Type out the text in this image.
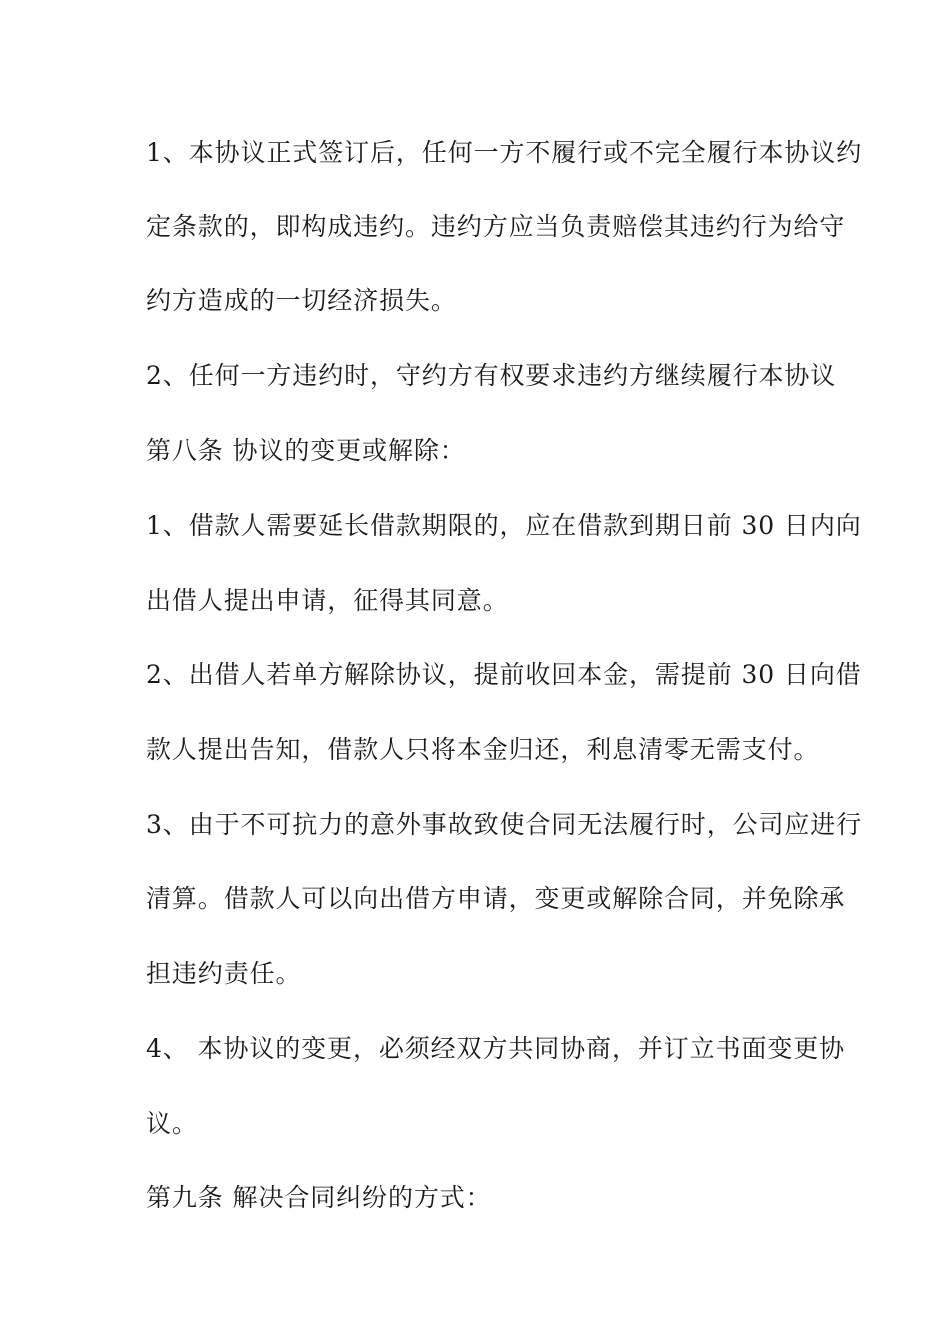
1、本协议正式签订后，任何一方不履行或不完全履行本协议约
定条款的，即构成违约。违约方应当负责赔偿其违约行为给守
约方造成的一切经济损失。
2、任何一方违约时，守约方有权要求违约方继续履行本协议
第八条 协议的变更或解除：
1、借款人需要延长借款期限的，应在借款到期日前 30 日内向
出借人提出申请，征得其同意。
2、出借人若单方解除协议，提前收回本金，需提前 30 日向借
款人提出告知，借款人只将本金归还，利息清零无需支付。
3、由于不可抗力的意外事故致使合同无法履行时，公司应进行
清算。借款人可以向出借方申请，变更或解除合同，并免除承
担违约责任。
4、 本协议的变更，必须经双方共同协商，并订立书面变更协
议。
第九条 解决合同纠纷的方式：
